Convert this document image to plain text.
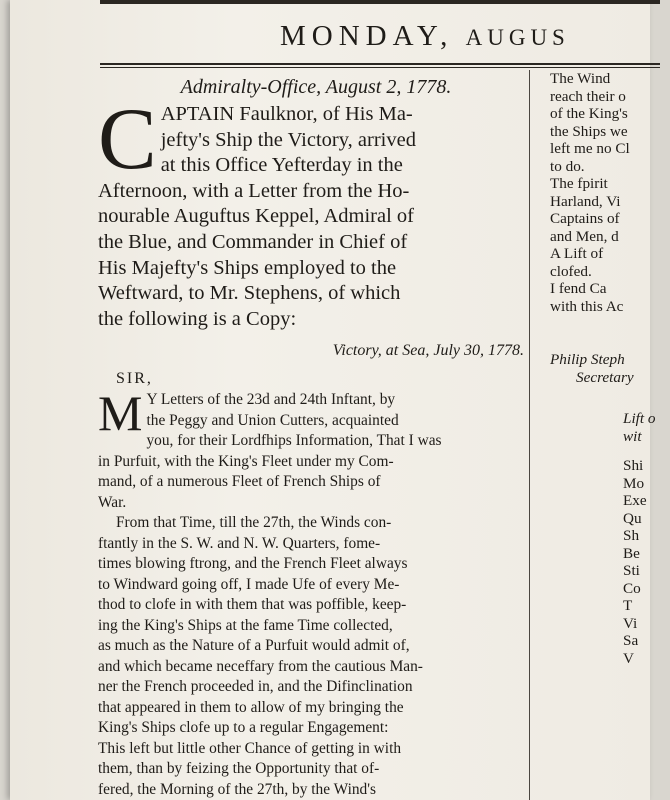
MONDAY, AUGUS

Admiralty-Office, August 2, 1778.

C APTAIN Faulknor, of His Ma-
jefty's Ship the Victory, arrived
at this Office Yefterday in the
Afternoon, with a Letter from the Ho-
nourable Auguftus Keppel, Admiral of
the Blue, and Commander in Chief of
His Majefty's Ships employed to the
Weftward, to Mr. Stephens, of which
the following is a Copy:

Victory, at Sea, July 30, 1778.

SIR,
M Y Letters of the 23d and 24th Inftant, by
the Peggy and Union Cutters, acquainted
you, for their Lordfhips Information, That I was
in Purfuit, with the King's Fleet under my Com-
mand, of a numerous Fleet of French Ships of
War.
From that Time, till the 27th, the Winds con-
ftantly in the S. W. and N. W. Quarters, fome-
times blowing ftrong, and the French Fleet always
to Windward going off, I made Ufe of every Me-
thod to clofe in with them that was poffible, keep-
ing the King's Ships at the fame Time collected,
as much as the Nature of a Purfuit would admit of,
and which became neceffary from the cautious Man-
ner the French proceeded in, and the Difinclination
that appeared in them to allow of my bringing the
King's Ships clofe up to a regular Engagement:
This left but little other Chance of getting in with
them, than by feizing the Opportunity that of-
fered, the Morning of the 27th, by the Wind's
The Wind
reach their o
of the King's
the Ships we
left me no Cl
to do.
The fpirit
Harland, Vi
Captains of
and Men, d
A Lift of
clofed.
I fend Ca
with this Ac
Philip Steph
Secretary
Lift o
wit
Shi
Mo
Exe
Qu
Sh
Be
Sti
Co
T
Vi
Sa
V
